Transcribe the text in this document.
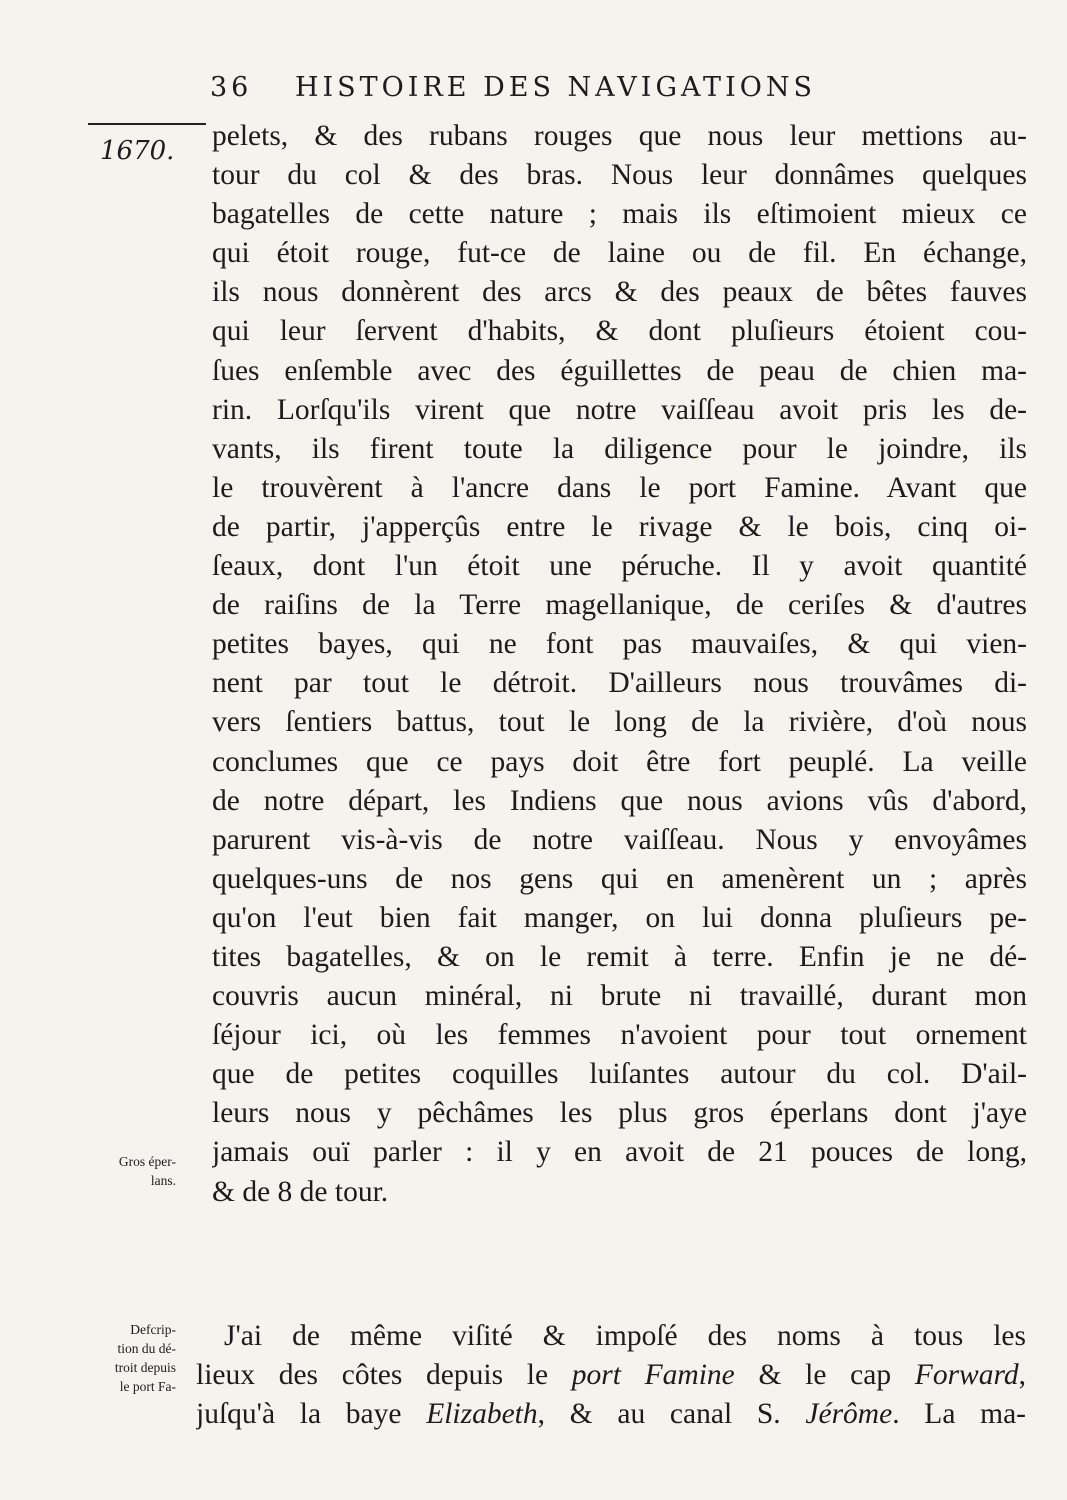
36 HISTOIRE DES NAVIGATIONS
1670.
Gros éper-
lans.
Defcrip-
tion du dé-
troit depuis
le port Fa-
pelets, & des rubans rouges que nous leur mettions au-
tour du col & des bras. Nous leur donnâmes quelques
bagatelles de cette nature ; mais ils eſtimoient mieux ce
qui étoit rouge, fut-ce de laine ou de fil. En échange,
ils nous donnèrent des arcs & des peaux de bêtes fauves
qui leur ſervent d'habits, & dont pluſieurs étoient cou-
ſues enſemble avec des éguillettes de peau de chien ma-
rin. Lorſqu'ils virent que notre vaiſſeau avoit pris les de-
vants, ils firent toute la diligence pour le joindre, ils
le trouvèrent à l'ancre dans le port Famine. Avant que
de partir, j'apperçûs entre le rivage & le bois, cinq oi-
ſeaux, dont l'un étoit une péruche. Il y avoit quantité
de raiſins de la Terre magellanique, de ceriſes & d'autres
petites bayes, qui ne font pas mauvaiſes, & qui vien-
nent par tout le détroit. D'ailleurs nous trouvâmes di-
vers ſentiers battus, tout le long de la rivière, d'où nous
conclumes que ce pays doit être fort peuplé. La veille
de notre départ, les Indiens que nous avions vûs d'abord,
parurent vis-à-vis de notre vaiſſeau. Nous y envoyâmes
quelques-uns de nos gens qui en amenèrent un ; après
qu'on l'eut bien fait manger, on lui donna pluſieurs pe-
tites bagatelles, & on le remit à terre. Enfin je ne dé-
couvris aucun minéral, ni brute ni travaillé, durant mon
ſéjour ici, où les femmes n'avoient pour tout ornement
que de petites coquilles luiſantes autour du col. D'ail-
leurs nous y pêchâmes les plus gros éperlans dont j'aye
jamais ouï parler : il y en avoit de 21 pouces de long,
& de 8 de tour.
J'ai de même viſité & impoſé des noms à tous les
lieux des côtes depuis le port Famine & le cap Forward,
juſqu'à la baye Elizabeth, & au canal S. Jérôme. La ma-
